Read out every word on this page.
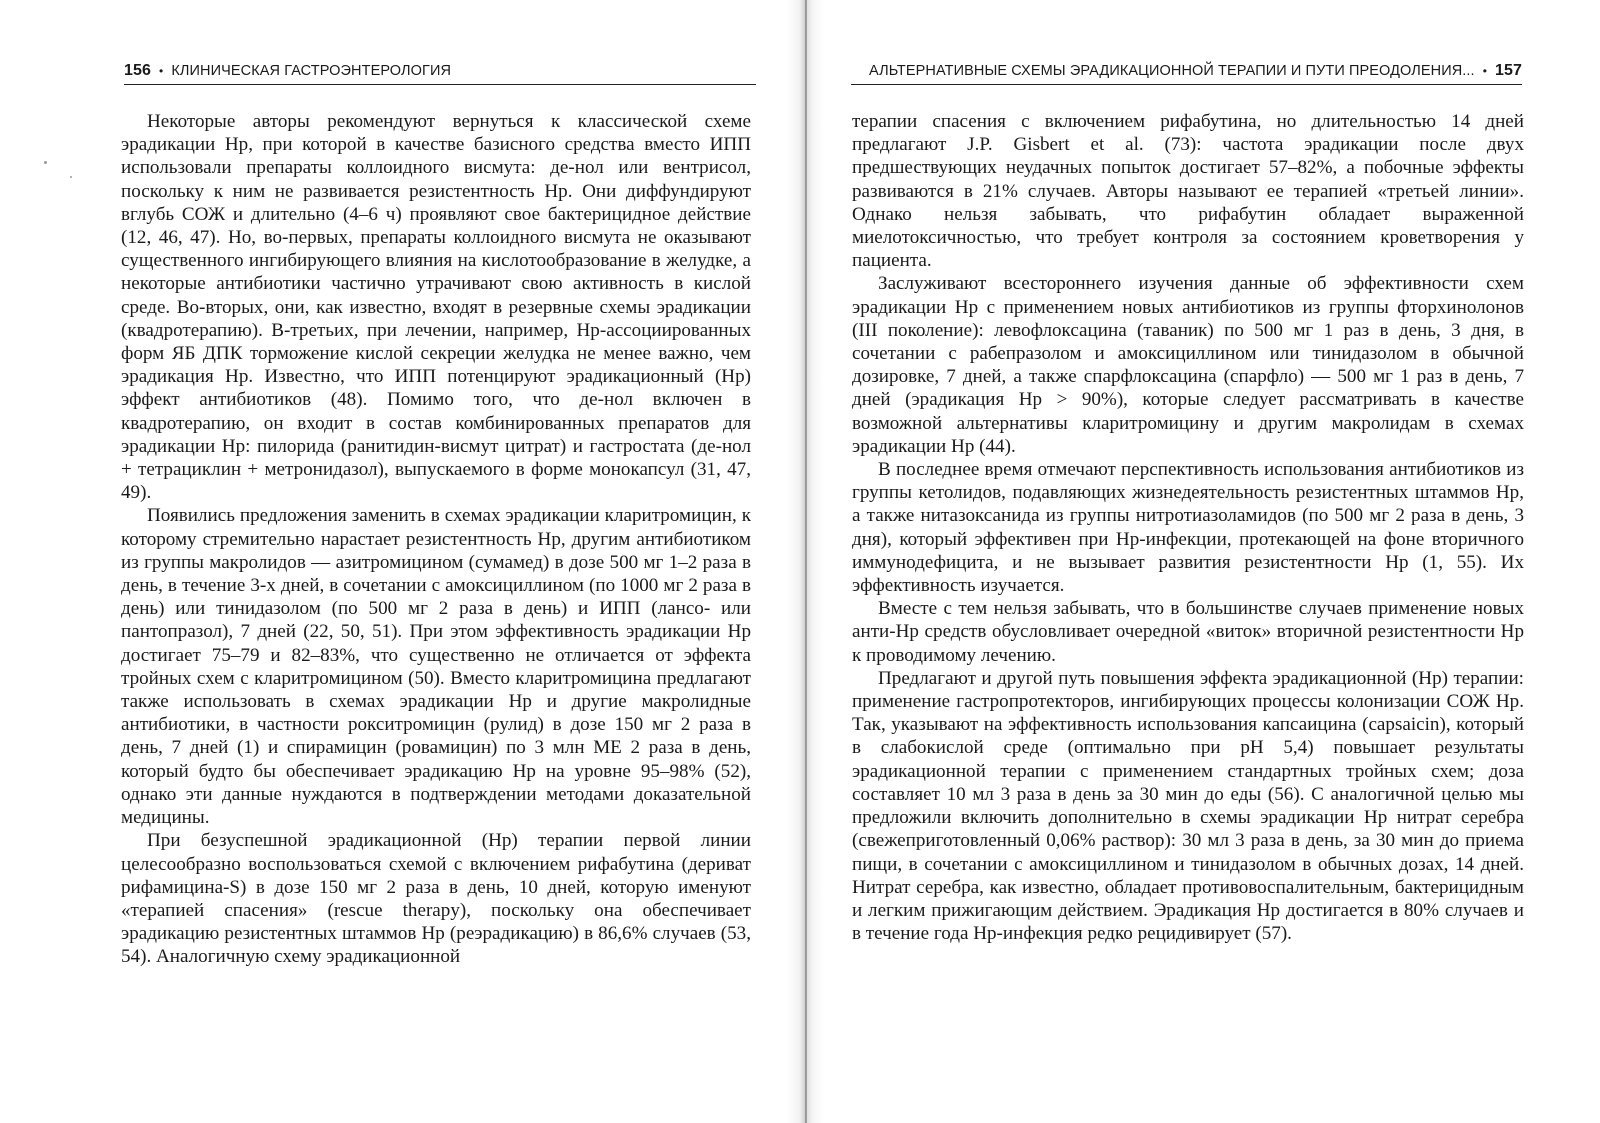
156 • КЛИНИЧЕСКАЯ ГАСТРОЭНТЕРОЛОГИЯ

Некоторые авторы рекомендуют вернуться к классической схеме эрадикации Нр, при которой в качестве базисного средства вместо ИПП использовали препараты коллоидного висмута: де-нол или вентрисол, поскольку к ним не развивается резистентность Нр. Они диффундируют вглубь СОЖ и длительно (4–6 ч) проявляют свое бактерицидное действие (12, 46, 47). Но, во-первых, препараты коллоидного висмута не оказывают существенного ингибирующего влияния на кислотообразование в желудке, а некоторые антибиотики частично утрачивают свою активность в кислой среде. Во-вторых, они, как известно, входят в резервные схемы эрадикации (квадротерапию). В-третьих, при лечении, например, Нр-ассоциированных форм ЯБ ДПК торможение кислой секреции желудка не менее важно, чем эрадикация Нр. Известно, что ИПП потенцируют эрадикационный (Нр) эффект антибиотиков (48). Помимо того, что де-нол включен в квадротерапию, он входит в состав комбинированных препаратов для эрадикации Нр: пилорида (ранитидин-висмут цитрат) и гастростата (де-нол + тетрациклин + метронидазол), выпускаемого в форме монокапсул (31, 47, 49).

Появились предложения заменить в схемах эрадикации кларитромицин, к которому стремительно нарастает резистентность Нр, другим антибиотиком из группы макролидов — азитромицином (сумамед) в дозе 500 мг 1–2 раза в день, в течение 3-х дней, в сочетании с амоксициллином (по 1000 мг 2 раза в день) или тинидазолом (по 500 мг 2 раза в день) и ИПП (лансо- или пантопразол), 7 дней (22, 50, 51). При этом эффективность эрадикации Нр достигает 75–79 и 82–83%, что существенно не отличается от эффекта тройных схем с кларитромицином (50). Вместо кларитромицина предлагают также использовать в схемах эрадикации Нр и другие макролидные антибиотики, в частности рокситромицин (рулид) в дозе 150 мг 2 раза в день, 7 дней (1) и спирамицин (ровамицин) по 3 млн МЕ 2 раза в день, который будто бы обеспечивает эрадикацию Нр на уровне 95–98% (52), однако эти данные нуждаются в подтверждении методами доказательной медицины.

При безуспешной эрадикационной (Нр) терапии первой линии целесообразно воспользоваться схемой с включением рифабутина (дериват рифамицина-S) в дозе 150 мг 2 раза в день, 10 дней, которую именуют «терапией спасения» (rescue therapy), поскольку она обеспечивает эрадикацию резистентных штаммов Нр (реэрадикацию) в 86,6% случаев (53, 54). Аналогичную схему эрадикационной

АЛЬТЕРНАТИВНЫЕ СХЕМЫ ЭРАДИКАЦИОННОЙ ТЕРАПИИ И ПУТИ ПРЕОДОЛЕНИЯ... • 157

терапии спасения с включением рифабутина, но длительностью 14 дней предлагают J.P. Gisbert et al. (73): частота эрадикации после двух предшествующих неудачных попыток достигает 57–82%, а побочные эффекты развиваются в 21% случаев. Авторы называют ее терапией «третьей линии». Однако нельзя забывать, что рифабутин обладает выраженной миелотоксичностью, что требует контроля за состоянием кроветворения у пациента.

Заслуживают всестороннего изучения данные об эффективности схем эрадикации Нр с применением новых антибиотиков из группы фторхинолонов (III поколение): левофлоксацина (таваник) по 500 мг 1 раз в день, 3 дня, в сочетании с рабепразолом и амоксициллином или тинидазолом в обычной дозировке, 7 дней, а также спарфлоксацина (спарфло) — 500 мг 1 раз в день, 7 дней (эрадикация Нр > 90%), которые следует рассматривать в качестве возможной альтернативы кларитромицину и другим макролидам в схемах эрадикации Нр (44).

В последнее время отмечают перспективность использования антибиотиков из группы кетолидов, подавляющих жизнедеятельность резистентных штаммов Нр, а также нитазоксанида из группы нитротиазоламидов (по 500 мг 2 раза в день, 3 дня), который эффективен при Нр-инфекции, протекающей на фоне вторичного иммунодефицита, и не вызывает развития резистентности Нр (1, 55). Их эффективность изучается.

Вместе с тем нельзя забывать, что в большинстве случаев применение новых анти-Нр средств обусловливает очередной «виток» вторичной резистентности Нр к проводимому лечению.

Предлагают и другой путь повышения эффекта эрадикационной (Нр) терапии: применение гастропротекторов, ингибирующих процессы колонизации СОЖ Нр. Так, указывают на эффективность использования капсаицина (capsaicin), который в слабокислой среде (оптимально при рН 5,4) повышает результаты эрадикационной терапии с применением стандартных тройных схем; доза составляет 10 мл 3 раза в день за 30 мин до еды (56). С аналогичной целью мы предложили включить дополнительно в схемы эрадикации Нр нитрат серебра (свежеприготовленный 0,06% раствор): 30 мл 3 раза в день, за 30 мин до приема пищи, в сочетании с амоксициллином и тинидазолом в обычных дозах, 14 дней. Нитрат серебра, как известно, обладает противовоспалительным, бактерицидным и легким прижигающим действием. Эрадикация Нр достигается в 80% случаев и в течение года Нр-инфекция редко рецидивирует (57).
